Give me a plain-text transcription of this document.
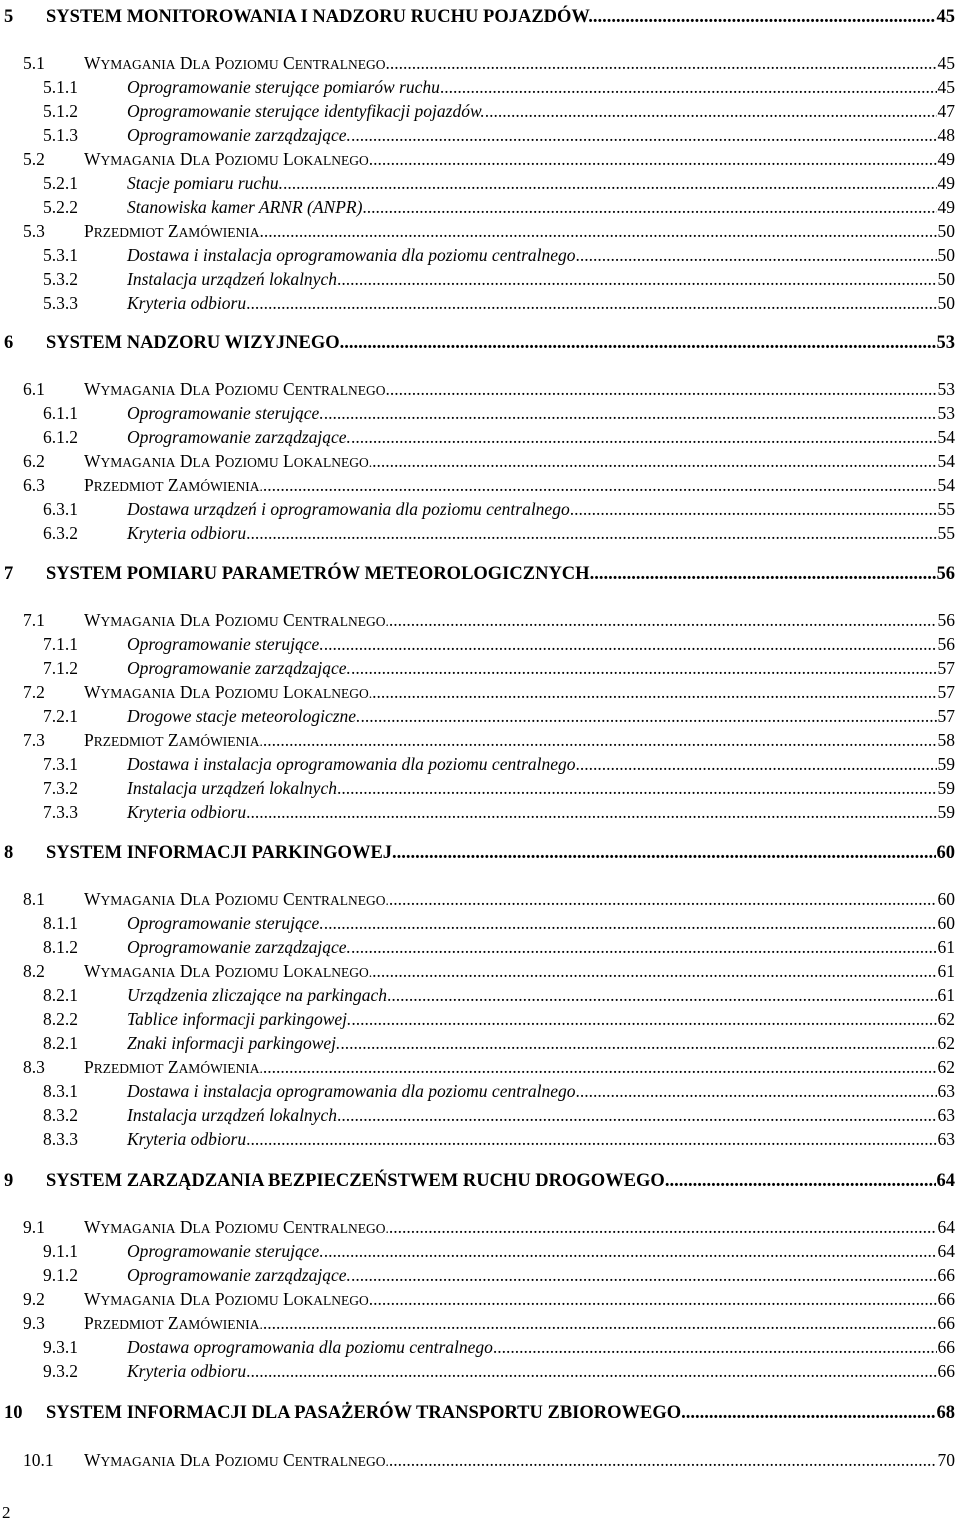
5	SYSTEM MONITOROWANIA I NADZORU RUCHU POJAZDÓW. .....	45
5.1	WYMAGANIA DLA POZIOMU CENTRALNEGO .....	45
5.1.1	Oprogramowanie sterujące pomiarów ruchu .....	45
5.1.2	Oprogramowanie sterujące identyfikacji pojazdów. .....	47
5.1.3	Oprogramowanie zarządzające. .....	48
5.2	WYMAGANIA DLA POZIOMU LOKALNEGO .....	49
5.2.1	Stacje pomiaru ruchu. .....	49
5.2.2	Stanowiska kamer ARNR (ANPR) .....	49
5.3	PRZEDMIOT ZAMÓWIENIA .....	50
5.3.1	Dostawa i instalacja oprogramowania dla poziomu centralnego .....	50
5.3.2	Instalacja urządzeń lokalnych .....	50
5.3.3	Kryteria odbioru .....	50
6	SYSTEM NADZORU WIZYJNEGO .....	53
6.1	WYMAGANIA DLA POZIOMU CENTRALNEGO .....	53
6.1.1	Oprogramowanie sterujące. .....	53
6.1.2	Oprogramowanie zarządzające. .....	54
6.2	WYMAGANIA DLA POZIOMU LOKALNEGO. .....	54
6.3	PRZEDMIOT ZAMÓWIENIA. .....	54
6.3.1	Dostawa urządzeń i oprogramowania dla poziomu centralnego .....	55
6.3.2	Kryteria odbioru .....	55
7	SYSTEM POMIARU PARAMETRÓW METEOROLOGICZNYCH .....	56
7.1	WYMAGANIA DLA POZIOMU CENTRALNEGO. .....	56
7.1.1	Oprogramowanie sterujące. .....	56
7.1.2	Oprogramowanie zarządzające. .....	57
7.2	WYMAGANIA DLA POZIOMU LOKALNEGO. .....	57
7.2.1	Drogowe stacje meteorologiczne. .....	57
7.3	PRZEDMIOT ZAMÓWIENIA. .....	58
7.3.1	Dostawa i instalacja oprogramowania dla poziomu centralnego .....	59
7.3.2	Instalacja urządzeń lokalnych .....	59
7.3.3	Kryteria odbioru .....	59
8	SYSTEM INFORMACJI PARKINGOWEJ .....	60
8.1	WYMAGANIA DLA POZIOMU CENTRALNEGO. .....	60
8.1.1	Oprogramowanie sterujące. .....	60
8.1.2	Oprogramowanie zarządzające. .....	61
8.2	WYMAGANIA DLA POZIOMU LOKALNEGO. .....	61
8.2.1	Urządzenia zliczające na parkingach .....	61
8.2.2	Tablice informacji parkingowej. .....	62
8.2.1	Znaki informacji parkingowej. .....	62
8.3	PRZEDMIOT ZAMÓWIENIA. .....	62
8.3.1	Dostawa i instalacja oprogramowania dla poziomu centralnego .....	63
8.3.2	Instalacja urządzeń lokalnych .....	63
8.3.3	Kryteria odbioru .....	63
9	SYSTEM ZARZĄDZANIA BEZPIECZEŃSTWEM RUCHU DROGOWEGO .....	64
9.1	WYMAGANIA DLA POZIOMU CENTRALNEGO. .....	64
9.1.1	Oprogramowanie sterujące. .....	64
9.1.2	Oprogramowanie zarządzające. .....	66
9.2	WYMAGANIA DLA POZIOMU LOKALNEGO .....	66
9.3	PRZEDMIOT ZAMÓWIENIA. .....	66
9.3.1	Dostawa oprogramowania dla poziomu centralnego .....	66
9.3.2	Kryteria odbioru .....	66
10	SYSTEM INFORMACJI DLA PASAŻERÓW TRANSPORTU ZBIOROWEGO .....	68
10.1	WYMAGANIA DLA POZIOMU CENTRALNEGO. .....	70
2
